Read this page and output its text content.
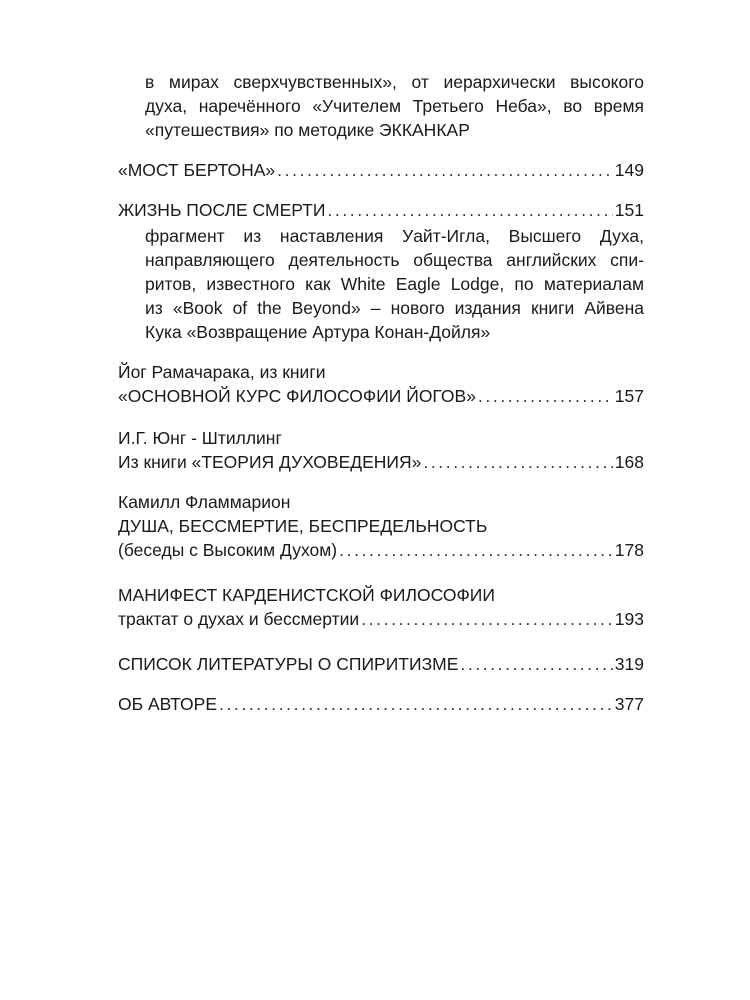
в мирах сверхчувственных», от иерархически высокого
духа, наречённого «Учителем Третьего Неба», во время
«путешествия» по методике ЭККАНКАР
«МОСТ БЕРТОНА» .....	149
ЖИЗНЬ ПОСЛЕ СМЕРТИ .....	151
фрагмент из наставления Уайт-Игла, Высшего Духа,
направляющего деятельность общества английских спи-
ритов, известного как White Eagle Lodge, по материалам
из «Book of the Beyond» – нового издания книги Айвена
Кука «Возвращение Артура Конан-Дойля»
Йог Рамачарака, из книги
«ОСНОВНОЙ КУРС ФИЛОСОФИИ ЙОГОВ» .....	157
И.Г. Юнг - Штиллинг
Из книги «ТЕОРИЯ ДУХОВЕДЕНИЯ» .....	168
Камилл Фламмарион
ДУША, БЕССМЕРТИЕ, БЕСПРЕДЕЛЬНОСТЬ
(беседы с Высоким Духом) .....	178
МАНИФЕСТ КАРДЕНИСТСКОЙ ФИЛОСОФИИ
трактат о духах и бессмертии .....	193
СПИСОК ЛИТЕРАТУРЫ О СПИРИТИЗМЕ .....	319
ОБ АВТОРЕ .....	377
